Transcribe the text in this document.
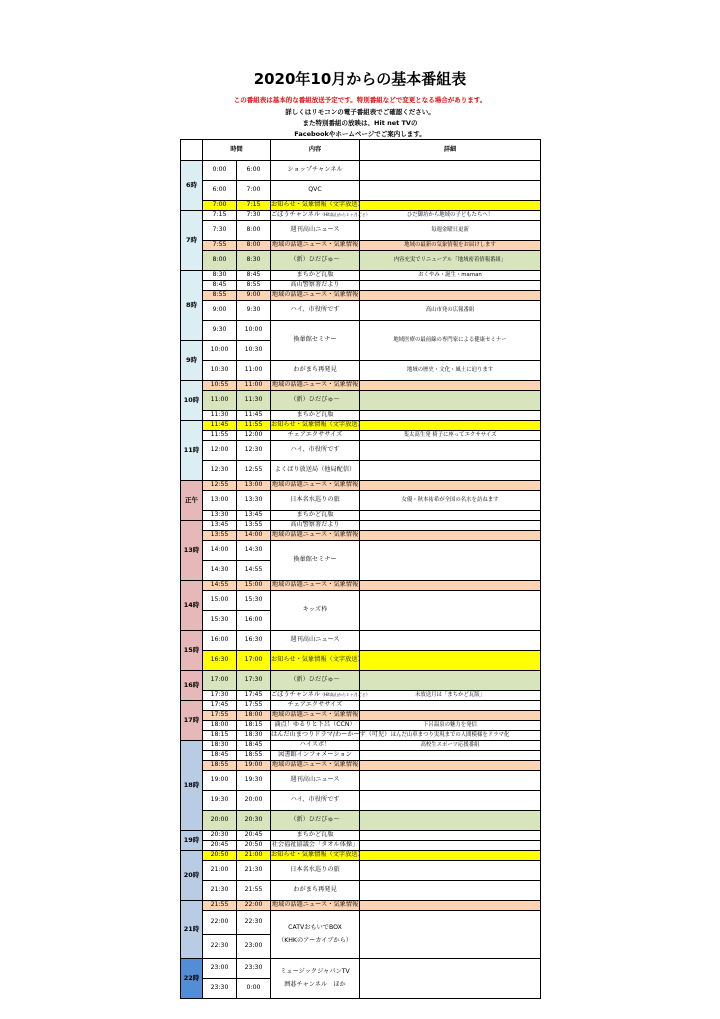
2020年10月からの基本番組表
この番組表は基本的な番組放送予定です。特別番組などで変更となる場合があります。
詳しくはリモコンの電子番組表でご確認ください。
また特別番組の放映は、Hit net TVの
Facebookやホームページでご案内します。
	時間		内容	詳細
6時	0:00	6:00	ショップチャンネル	
	6:00	7:00	QVC	
	7:00	7:15	お知らせ・気象情報（文字放送）	
7時	7:15	7:30	ごぼうチャンネル（Hit高山から１ヶ月ごと）	ひだ御坊から地域の子どもたちへ！
	7:30	8:00	週刊高山ニュース	毎週金曜日更新
	7:55	8:00	地域の話題ニュース・気象情報	地域の最新の気象情報をお届けします
	8:00	8:30	（新）ひだびゅ～	内容充実でリニューアル「地域密着情報番組」
8時	8:30	8:45	まちかど瓦版	おくやみ・誕生・maman
	8:45	8:55	高山警察署だより	
	8:55	9:00	地域の話題ニュース・気象情報	
	9:00	9:30	ハイ、市役所です	高山市発の広報番組
	9:30	10:00	換暈館セミナー	地域医療の最前線の専門家による健康セミナー
9時	10:00	10:30		
	10:30	11:00	わがまち再発見	地域の歴史・文化・風土に迫ります
10時	10:55	11:00	地域の話題ニュース・気象情報	
	11:00	11:30	（新）ひだびゅ～	
	11:30	11:45	まちかど瓦版	
11時	11:45	11:55	お知らせ・気象情報（文字放送）	
	11:55	12:00	チェアエクササイズ	斐太高生発 椅子に座ってエクササイズ
	12:00	12:30	ハイ、市役所です	
	12:30	12:55	よくばり放送局（他局配信）	
正午	12:55	13:00	地域の話題ニュース・気象情報	
	13:00	13:30	日本名水巡りの旅	女優・秋本祐希が全国の名水を訪ねます
	13:30	13:45	まちかど瓦版	
13時	13:45	13:55	高山警察署だより	
	13:55	14:00	地域の話題ニュース・気象情報	
	14:00	14:30	換暈館セミナー	
	14:30	14:55		
14時	14:55	15:00	地域の話題ニュース・気象情報	
	15:00	15:30	キッズ枠	
	15:30	16:00		
15時	16:00	16:30	週刊高山ニュース	
	16:30	17:00	お知らせ・気象情報（文字放送）	
16時	17:00	17:30	（新）ひだびゅ～	
	17:30	17:45	ごぼうチャンネル（Hit高山から１ヶ月ごと）	未放送月は「まちかど瓦版」
17時	17:45	17:55	チェアエクササイズ	
	17:55	18:00	地域の話題ニュース・気象情報	
	18:00	18:15	満点！ゆるりと下呂（CCN）	下呂温泉の魅力を発信
	18:15	18:30	はんだ山まつりドラマ/わーかーず（可児）	はんだ山車まつり実現までの人間模様をドラマ化
18時	18:30	18:45	ハイスポ！	高校生スポーツ応援番組
	18:45	18:55	図書館インフォメーション	
	18:55	19:00	地域の話題ニュース・気象情報	
	19:00	19:30	週刊高山ニュース	
	19:30	20:00	ハイ、市役所です	
	20:00	20:30	（新）ひだびゅ～	
19時	20:30	20:45	まちかど瓦版	
	20:45	20:50	社会福祉協議会「タオル体操」	
20時	20:50	21:00	お知らせ・気象情報（文字放送）	
	21:00	21:30	日本名水巡りの旅	
	21:30	21:55	わがまち再発見	
21時	21:55	22:00	地域の話題ニュース・気象情報	
	22:00	22:30	CATVおもいでBOX

（KHKのアーカイブから）	
	22:30	23:00		
22時	23:00	23:30	ミュージックジャパンTV

囲碁チャンネル　ほか	
	23:30	0:00		
